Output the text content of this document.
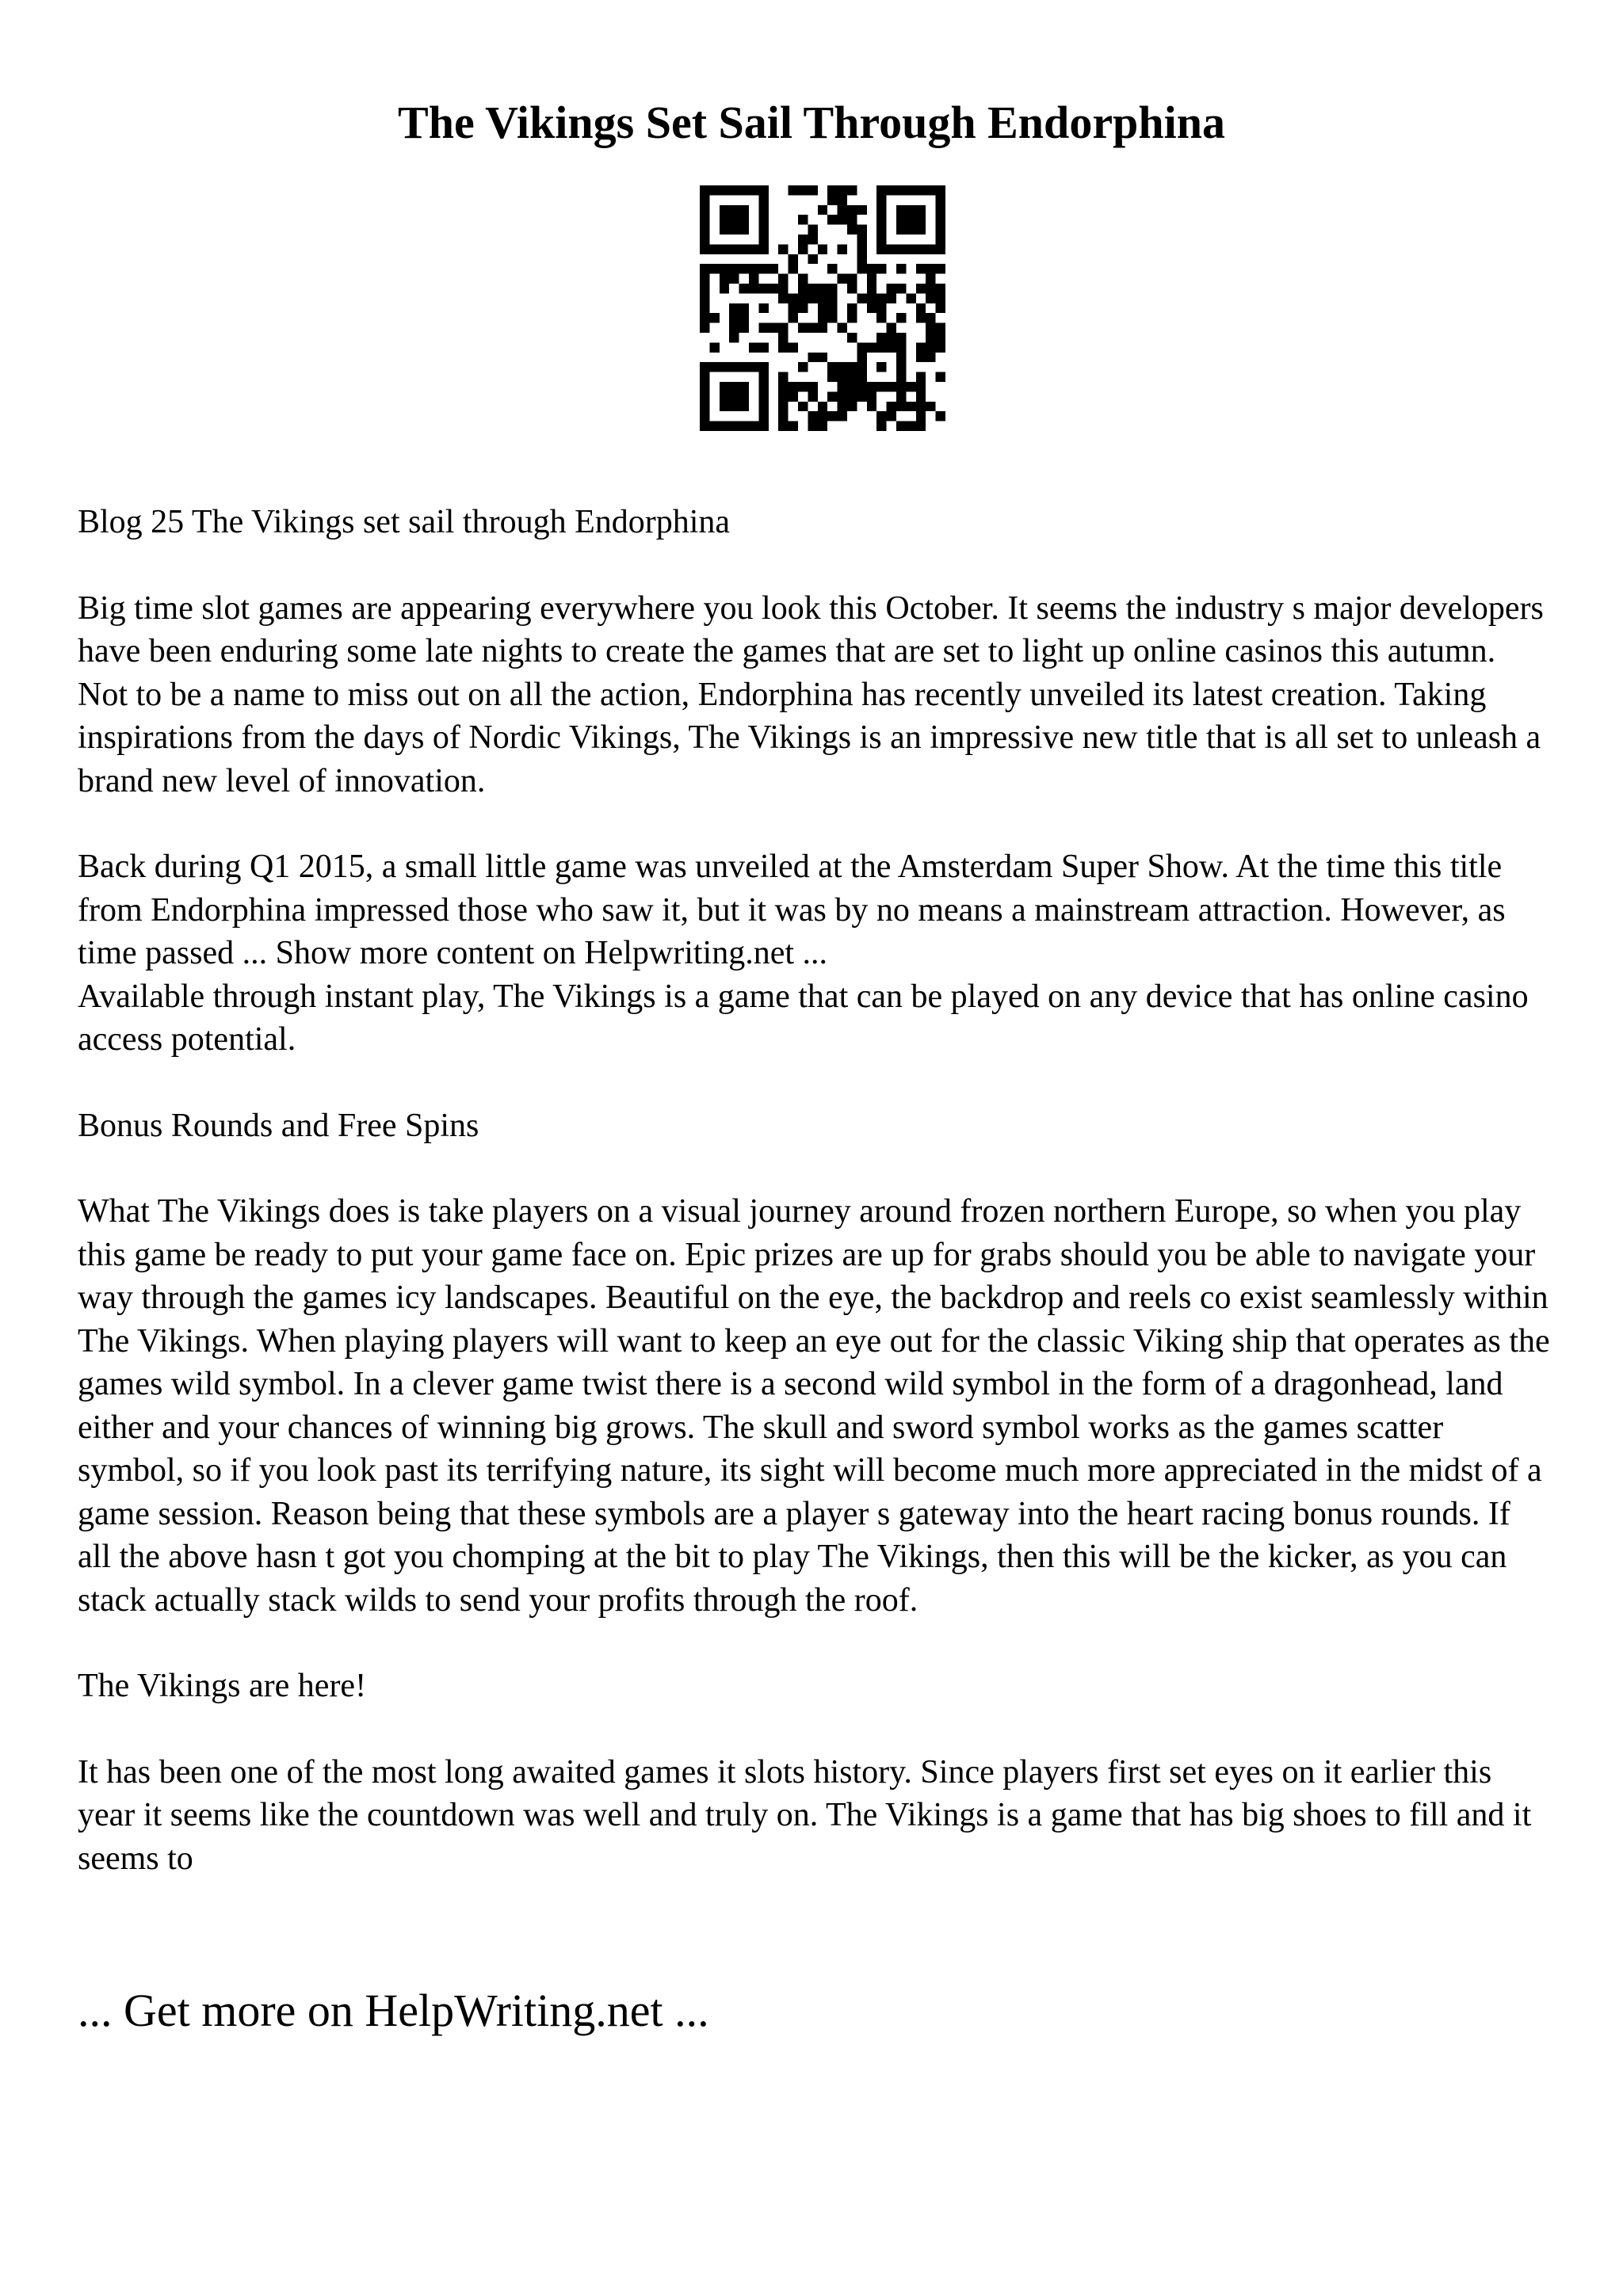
The Vikings Set Sail Through Endorphina

Blog 25 The Vikings set sail through Endorphina

Big time slot games are appearing everywhere you look this October. It seems the industry s major developers have been enduring some late nights to create the games that are set to light up online casinos this autumn. Not to be a name to miss out on all the action, Endorphina has recently unveiled its latest creation. Taking inspirations from the days of Nordic Vikings, The Vikings is an impressive new title that is all set to unleash a brand new level of innovation.

Back during Q1 2015, a small little game was unveiled at the Amsterdam Super Show. At the time this title from Endorphina impressed those who saw it, but it was by no means a mainstream attraction. However, as time passed ... Show more content on Helpwriting.net ...

Available through instant play, The Vikings is a game that can be played on any device that has online casino access potential.

Bonus Rounds and Free Spins

What The Vikings does is take players on a visual journey around frozen northern Europe, so when you play this game be ready to put your game face on. Epic prizes are up for grabs should you be able to navigate your way through the games icy landscapes. Beautiful on the eye, the backdrop and reels co exist seamlessly within The Vikings. When playing players will want to keep an eye out for the classic Viking ship that operates as the games wild symbol. In a clever game twist there is a second wild symbol in the form of a dragonhead, land either and your chances of winning big grows. The skull and sword symbol works as the games scatter symbol, so if you look past its terrifying nature, its sight will become much more appreciated in the midst of a game session. Reason being that these symbols are a player s gateway into the heart racing bonus rounds. If all the above hasn t got you chomping at the bit to play The Vikings, then this will be the kicker, as you can stack actually stack wilds to send your profits through the roof.

The Vikings are here!

It has been one of the most long awaited games it slots history. Since players first set eyes on it earlier this year it seems like the countdown was well and truly on. The Vikings is a game that has big shoes to fill and it seems to

... Get more on HelpWriting.net ...
